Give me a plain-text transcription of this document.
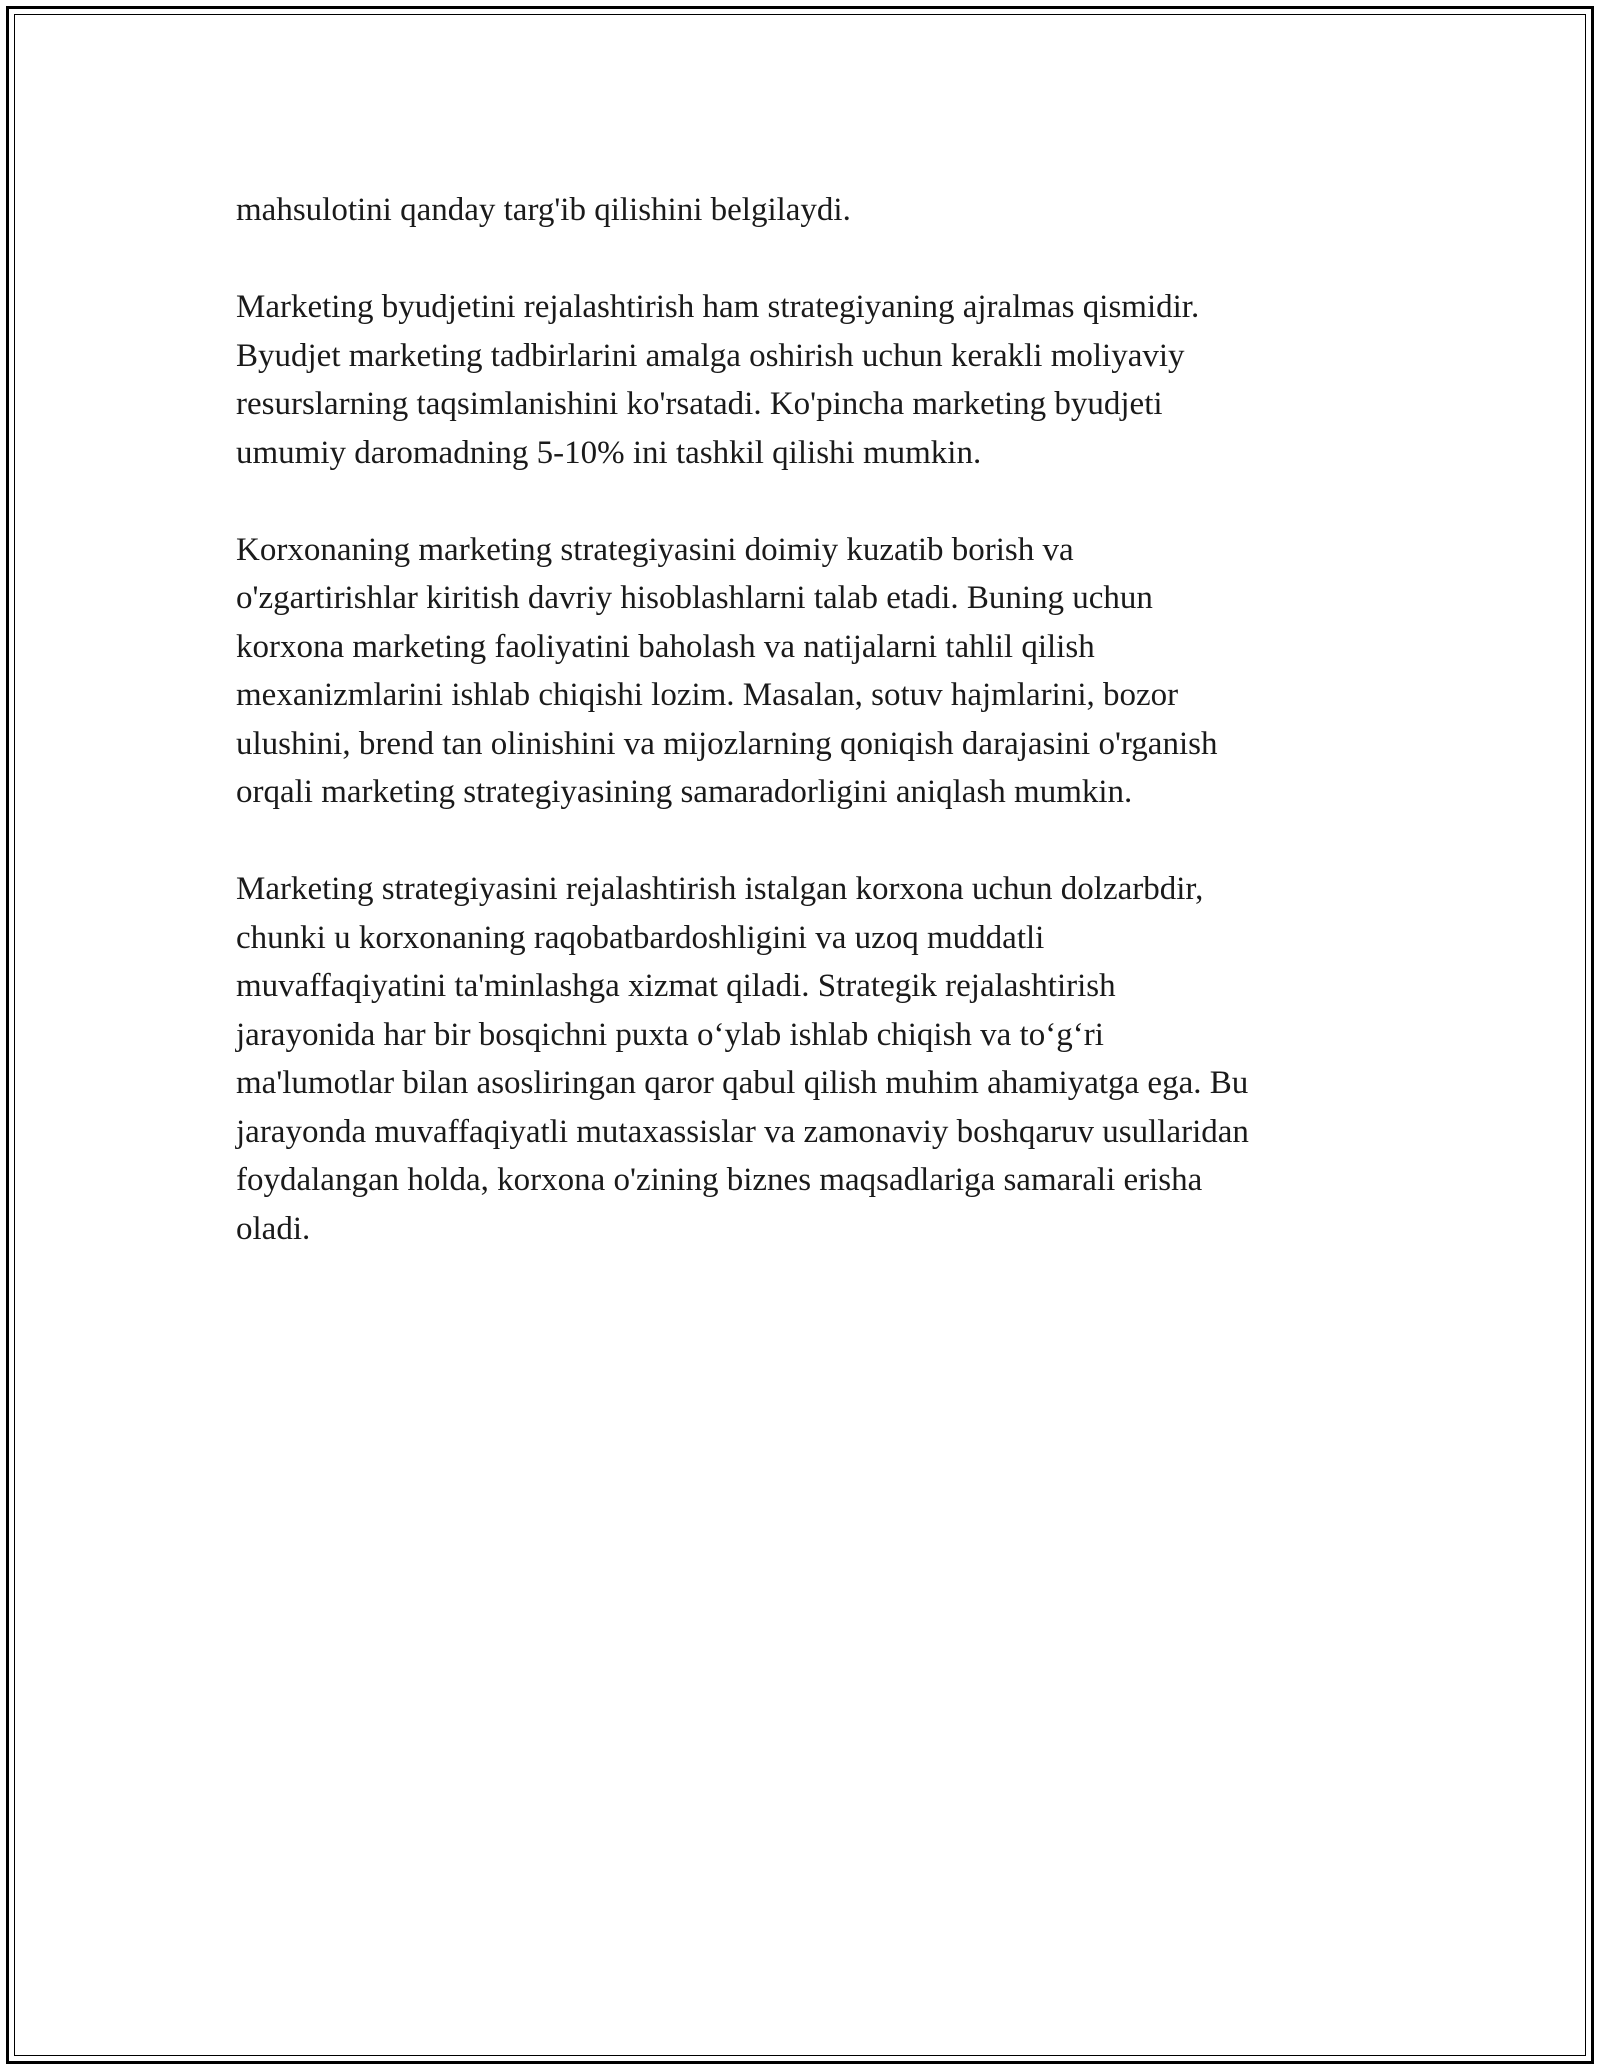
mahsulotini qanday targ'ib qilishini belgilaydi.

Marketing byudjetini rejalashtirish ham strategiyaning ajralmas qismidir.
Byudjet marketing tadbirlarini amalga oshirish uchun kerakli moliyaviy
resurslarning taqsimlanishini ko'rsatadi. Ko'pincha marketing byudjeti
umumiy daromadning 5-10% ini tashkil qilishi mumkin.

Korxonaning marketing strategiyasini doimiy kuzatib borish va
o'zgartirishlar kiritish davriy hisoblashlarni talab etadi. Buning uchun
korxona marketing faoliyatini baholash va natijalarni tahlil qilish
mexanizmlarini ishlab chiqishi lozim. Masalan, sotuv hajmlarini, bozor
ulushini, brend tan olinishini va mijozlarning qoniqish darajasini o'rganish
orqali marketing strategiyasining samaradorligini aniqlash mumkin.

Marketing strategiyasini rejalashtirish istalgan korxona uchun dolzarbdir,
chunki u korxonaning raqobatbardoshligini va uzoq muddatli
muvaffaqiyatini ta'minlashga xizmat qiladi. Strategik rejalashtirish
jarayonida har bir bosqichni puxta o‘ylab ishlab chiqish va to‘g‘ri
ma'lumotlar bilan asosliringan qaror qabul qilish muhim ahamiyatga ega. Bu
jarayonda muvaffaqiyatli mutaxassislar va zamonaviy boshqaruv usullaridan
foydalangan holda, korxona o'zining biznes maqsadlariga samarali erisha
oladi.
